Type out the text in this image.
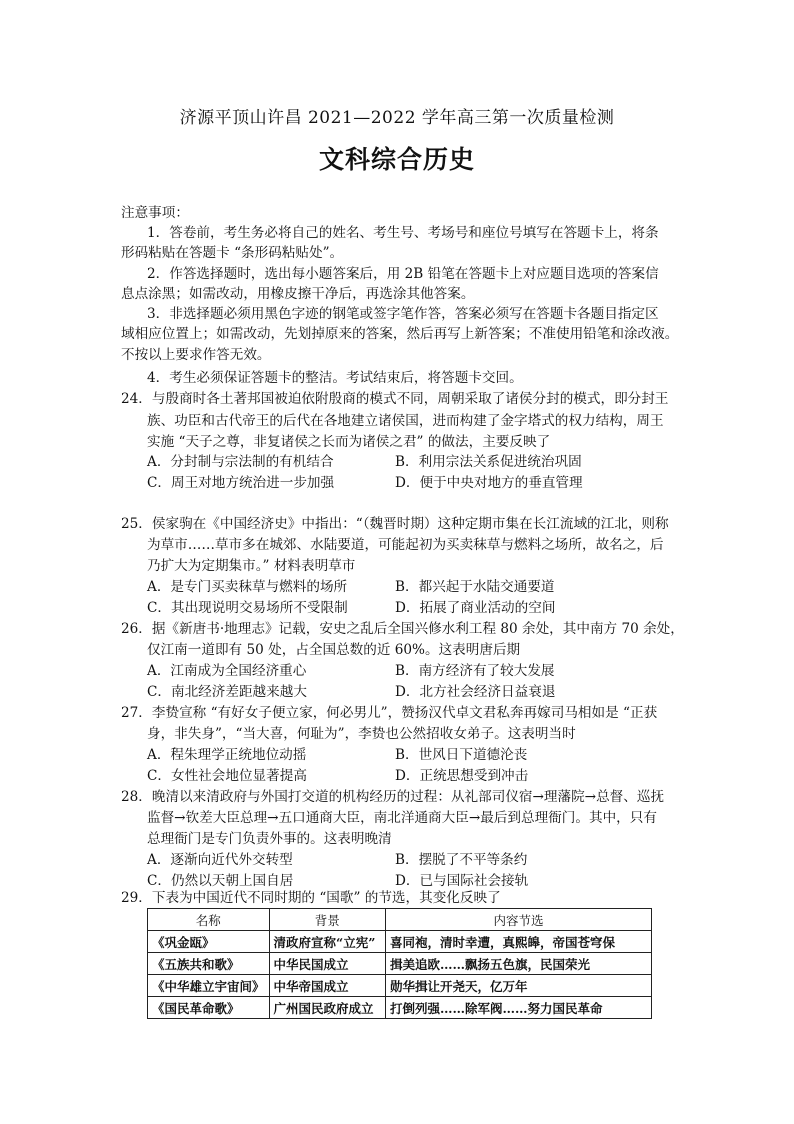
济源平顶山许昌 2021—2022 学年高三第一次质量检测
文科综合历史
注意事项：
1．答卷前，考生务必将自己的姓名、考生号、考场号和座位号填写在答题卡上，将条
形码粘贴在答题卡 “条形码粘贴处”。
2．作答选择题时，选出每小题答案后，用 2B 铅笔在答题卡上对应题目选项的答案信
息点涂黑；如需改动，用橡皮擦干净后，再选涂其他答案。
3．非选择题必须用黑色字迹的钢笔或签字笔作答，答案必须写在答题卡各题目指定区
域相应位置上；如需改动，先划掉原来的答案，然后再写上新答案；不准使用铅笔和涂改液。
不按以上要求作答无效。
4．考生必须保证答题卡的整洁。考试结束后，将答题卡交回。
24．与殷商时各土著邦国被迫依附殷商的模式不同，周朝采取了诸侯分封的模式，即分封王
族、功臣和古代帝王的后代在各地建立诸侯国，进而构建了金字塔式的权力结构，周王
实施 “天子之尊，非复诸侯之长而为诸侯之君” 的做法，主要反映了
A．分封制与宗法制的有机结合	B．利用宗法关系促进统治巩固
C．周王对地方统治进一步加强	D．便于中央对地方的垂直管理
25．侯家驹在《中国经济史》中指出：“（魏晋时期）这种定期市集在长江流域的江北，则称
为草市……草市多在城郊、水陆要道，可能起初为买卖秣草与燃料之场所，故名之，后
乃扩大为定期集市。” 材料表明草市
A．是专门买卖秣草与燃料的场所	B．都兴起于水陆交通要道
C．其出现说明交易场所不受限制	D．拓展了商业活动的空间
26．据《新唐书·地理志》记载，安史之乱后全国兴修水利工程 80 余处，其中南方 70 余处，
仅江南一道即有 50 处，占全国总数的近 60%。这表明唐后期
A．江南成为全国经济重心	B．南方经济有了较大发展
C．南北经济差距越来越大	D．北方社会经济日益衰退
27．李贽宣称 “有好女子便立家，何必男儿”，赞扬汉代卓文君私奔再嫁司马相如是 “正获
身，非失身”，“当大喜，何耻为”，李贽也公然招收女弟子。这表明当时
A．程朱理学正统地位动摇	B．世风日下道德沦丧
C．女性社会地位显著提高	D．正统思想受到冲击
28．晚清以来清政府与外国打交道的机构经历的过程：从礼部司仪宿→理藩院→总督、巡抚
监督→钦差大臣总理→五口通商大臣，南北洋通商大臣→最后到总理衙门。其中，只有
总理衙门是专门负责外事的。这表明晚清
A．逐渐向近代外交转型	B．摆脱了不平等条约
C．仍然以天朝上国自居	D．已与国际社会接轨
29．下表为中国近代不同时期的 “国歌” 的节选，其变化反映了
名称	背景	内容节选
《巩金瓯》	清政府宣称“立宪”	喜同袍，清时幸遭，真熙皞，帝国苍穹保
《五族共和歌》	中华民国成立	揖美追欧……飘扬五色旗，民国荣光
《中华雄立宇宙间》	中华帝国成立	勋华揖让开尧天，亿万年
《国民革命歌》	广州国民政府成立	打倒列强……除军阀……努力国民革命
